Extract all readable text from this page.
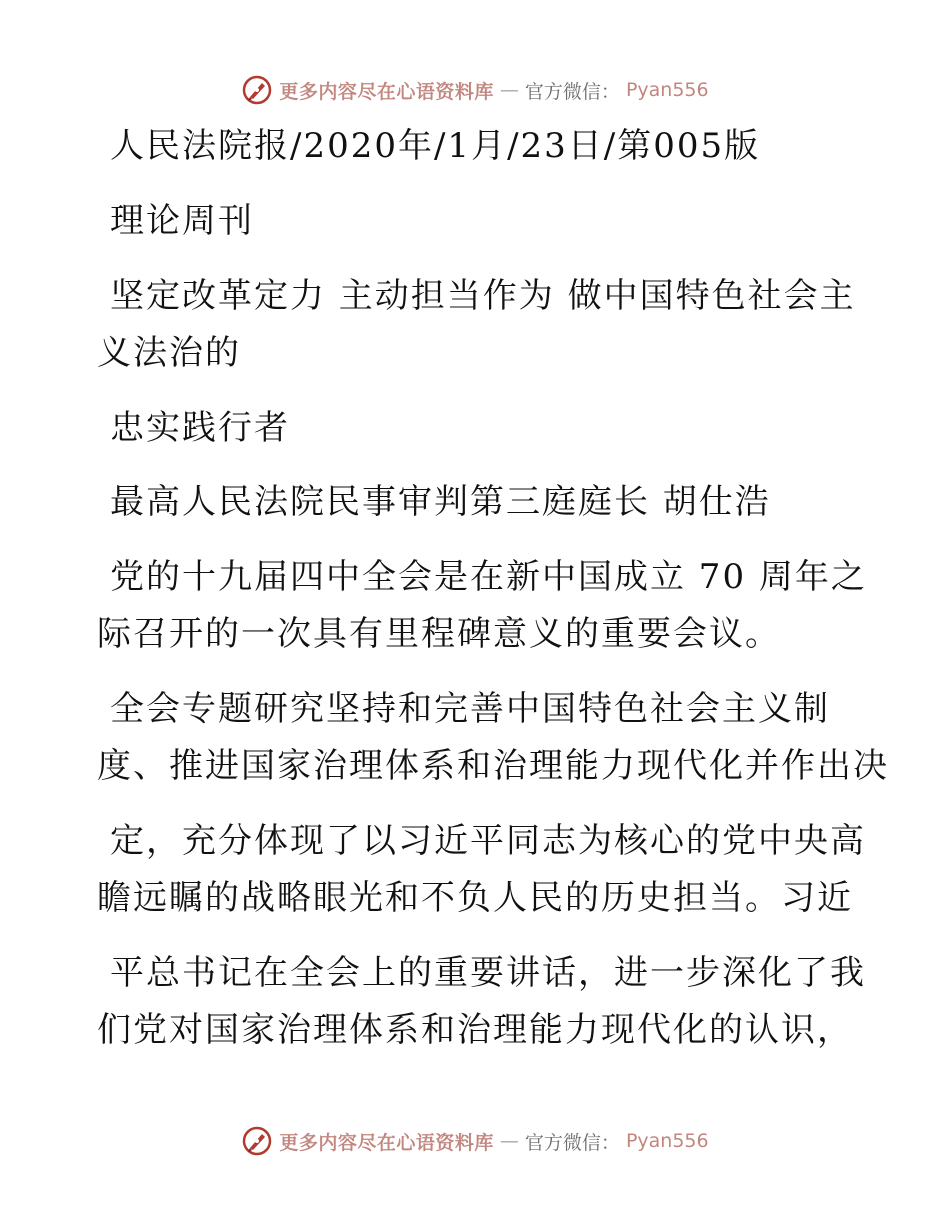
更多内容尽在心语资料库 — 官方微信： Pyan556
人民法院报/2020年/1月/23日/第005版
理论周刊
坚定改革定力 主动担当作为 做中国特色社会主
义法治的
忠实践行者
最高人民法院民事审判第三庭庭长 胡仕浩
党的十九届四中全会是在新中国成立 70 周年之
际召开的一次具有里程碑意义的重要会议。
全会专题研究坚持和完善中国特色社会主义制
度、推进国家治理体系和治理能力现代化并作出决
定，充分体现了以习近平同志为核心的党中央高
瞻远瞩的战略眼光和不负人民的历史担当。习近
平总书记在全会上的重要讲话，进一步深化了我
们党对国家治理体系和治理能力现代化的认识，
更多内容尽在心语资料库 — 官方微信： Pyan556
